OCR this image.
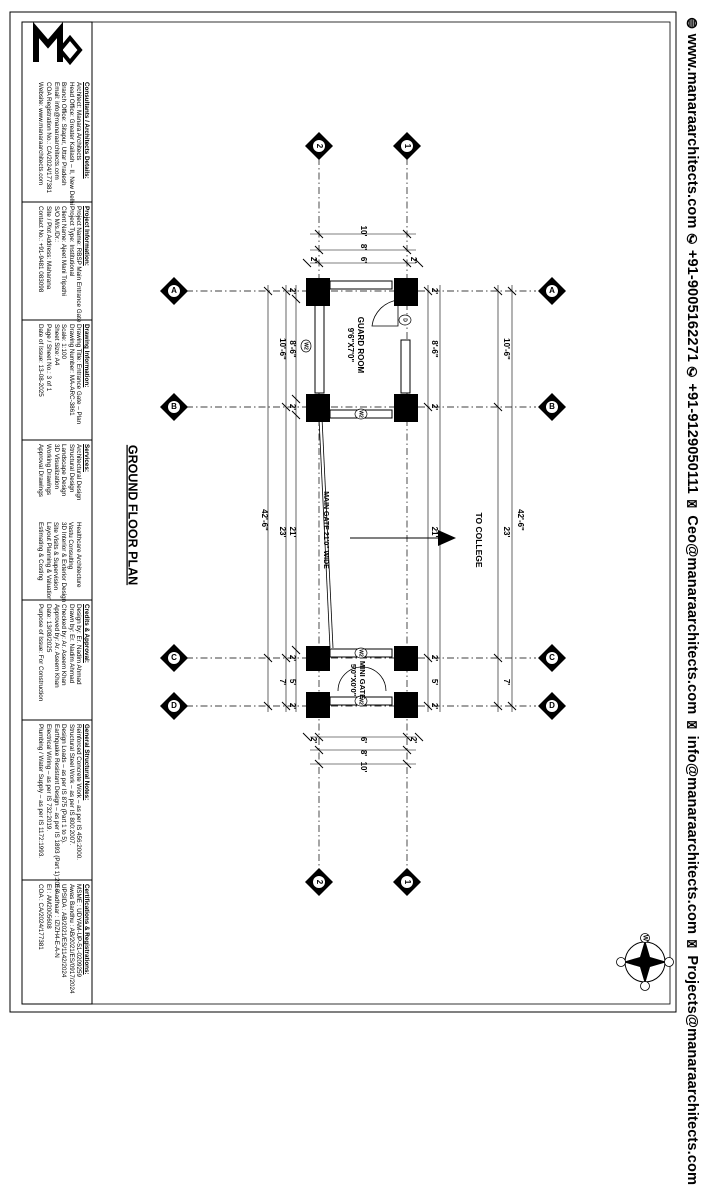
A
B
C
D
A
B
C
D
2	1
2	1
D
W2
W2
W2
W2
10'
8'
6'
2'	2'
2'	2'
6'
8'
10'
42'-6"
10'-6"
23'
7'
8'-6"
21'
5'
2'
2'
2'
2'
42'-6"
10'-6"
23'
7'
8'-6"
21'
5'
2'
2'
2'
2'
GUARD ROOM
9'6"X7'0"
MINI GATE
5'0"X0'0"
MAIN GATE 21'0" WIDE	TO COLLEGE
GROUND FLOOR PLAN
W
◍ www.manaraarchitects.com ✆ +91-9005162271 ✆ +91-9129050111 ✉ Ceo@manaraarchitects.com ✉ info@manaraarchitects.com ✉ Projects@manaraarchitects.com
Consultants / Architects Details:
Architect: Manara Architects
Head Office: Greater Kailash – II, New Delhi
Branch Office: Sitapur, Uttar Pradesh
Email: info@manaraarchitects.com
COA Registration No.: CA/2024/177381
Website: www.manaraarchitects.com
Project Information:
Project Name: RBSP Main Entrance Gate
Project Type: Institutional
Client Name: Ajeet Mani Tripathi
S/O M/s./Dr.:
Site / Plot Address: Maharana
Contact No.: +91-9481 083098
Drawing Information:
Drawing Title: Entrance Gate – Plan
Drawing Number: MA-ARC-3861
Scale: 1:100
Sheet Size: A4
Page / Sheet No.: 3 of 1
Date of Issue: 13-08-2025
Services:
Architectural Design
Structural Design
Landscape Design
3D Visualization
Working Drawings
Approval Drawings
Healthcare Architecture
Vastu Consulting
3D Interior & Exterior Design
Site Visits & Supervision
Layout Planning & Valuation
Estimating & Costing
Credits & Approval:
Design by: Er. Nadim Ahmad
Drawn by: Er. Nadim Ahmad
Checked by: Ar. Aseem Khan
Approved by: Ar. Aseem Khan
Date: 13/08/2025
Purpose of Issue: For Construction
General Structural Notes:
Reinforced Concrete Work – as per IS 456:2000.
Structural Steel Work – as per IS 800:2007.
Design Loads – as per IS 875 (Part 1 to 5).
Earthquake Resistant Design – as per IS 1893 (Part 1):2016.
Electrical Wiring – as per IS 732:2019.
Plumbing / Water Supply – as per IS 1172:1993.
Certifications & Registrations:
MSME : UDYAM-UP-51-0209259
Awas Bandhu : AB/2021/ES/0917/2024
UPSIDA : AB/2021/ES/1142/2024
E-Aadhaar : IZIZH4-E-A-N
EI : AM2005608
COA : CA/2024/177381
